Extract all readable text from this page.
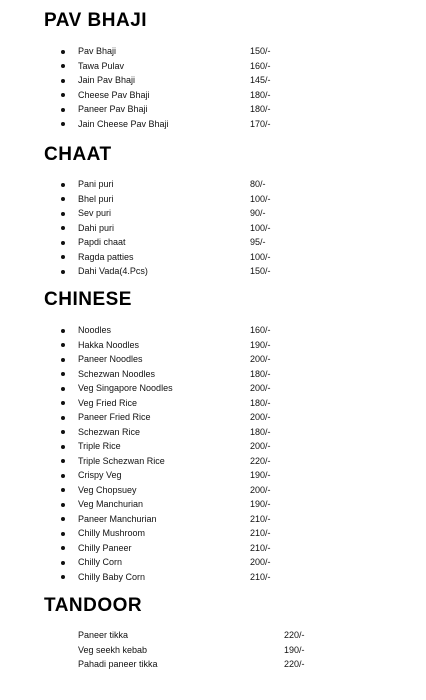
PAV BHAJI
Pav Bhaji	150/-
Tawa Pulav	160/-
Jain Pav Bhaji	145/-
Cheese Pav Bhaji	180/-
Paneer Pav Bhaji	180/-
Jain Cheese Pav Bhaji	170/-
CHAAT
Pani puri	80/-
Bhel puri	100/-
Sev puri	90/-
Dahi puri	100/-
Papdi chaat	95/-
Ragda patties	100/-
Dahi Vada(4.Pcs)	150/-
CHINESE
Noodles	160/-
Hakka Noodles	190/-
Paneer Noodles	200/-
Schezwan Noodles	180/-
Veg Singapore Noodles	200/-
Veg Fried Rice	180/-
Paneer Fried Rice	200/-
Schezwan Rice	180/-
Triple Rice	200/-
Triple Schezwan Rice	220/-
Crispy Veg	190/-
Veg Chopsuey	200/-
Veg Manchurian	190/-
Paneer Manchurian	210/-
Chilly Mushroom	210/-
Chilly Paneer	210/-
Chilly Corn	200/-
Chilly Baby Corn	210/-
TANDOOR
Paneer tikka	220/-
Veg seekh kebab	190/-
Pahadi paneer tikka	220/-
